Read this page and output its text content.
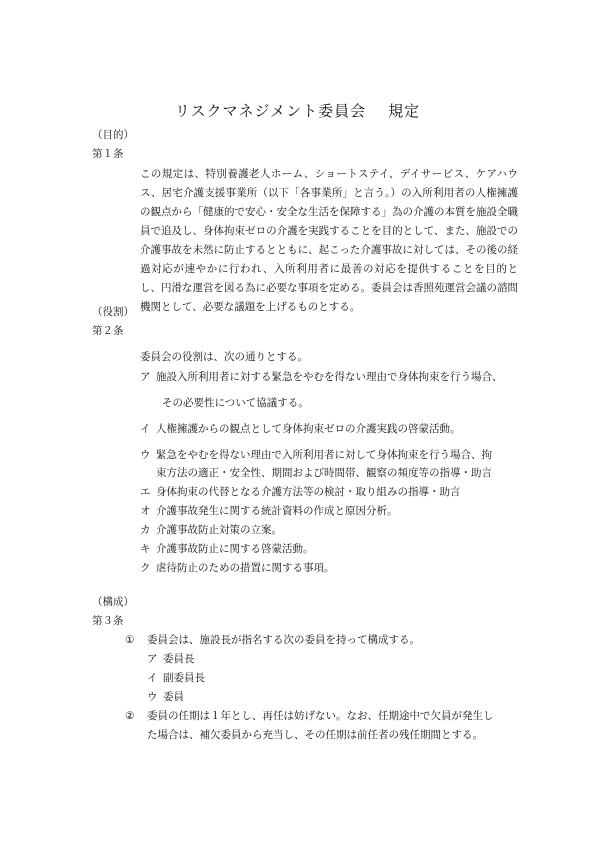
リスクマネジメント委員会 規定
（目的）
第１条
この規定は、特別養護老人ホーム、ショートステイ、デイサービス、ケアハウス、居宅介護支援事業所（以下「各事業所」と言う。）の入所利用者の人権擁護の観点から「健康的で安心・安全な生活を保障する」為の介護の本質を施設全職員で追及し、身体拘束ゼロの介護を実践することを目的として、また、施設での介護事故を未然に防止するとともに、起こった介護事故に対しては、その後の経過対応が速やかに行われ、入所利用者に最善の対応を提供することを目的とし、円滑な運営を図る為に必要な事項を定める。委員会は香照苑運営会議の諮問機関として、必要な議題を上げるものとする。
（役割）
第２条
委員会の役割は、次の通りとする。
ア 施設入所利用者に対する緊急をやむを得ない理由で身体拘束を行う場合、
その必要性について協議する。
イ 人権擁護からの観点として身体拘束ゼロの介護実践の啓蒙活動。
ウ 緊急をやむを得ない理由で入所利用者に対して身体拘束を行う場合、拘
束方法の適正・安全性、期間および時間帯、観察の頻度等の指導・助言
エ 身体拘束の代替となる介護方法等の検討・取り組みの指導・助言
オ 介護事故発生に関する統計資料の作成と原因分析。
カ 介護事故防止対策の立案。
キ 介護事故防止に関する啓蒙活動。
ク 虐待防止のための措置に関する事項。
（構成）
第３条
① 委員会は、施設長が指名する次の委員を持って構成する。
ア 委員長
イ 副委員長
ウ 委員
② 委員の任期は１年とし、再任は妨げない。なお、任期途中で欠員が発生し
た場合は、補欠委員から充当し、その任期は前任者の残任期間とする。
